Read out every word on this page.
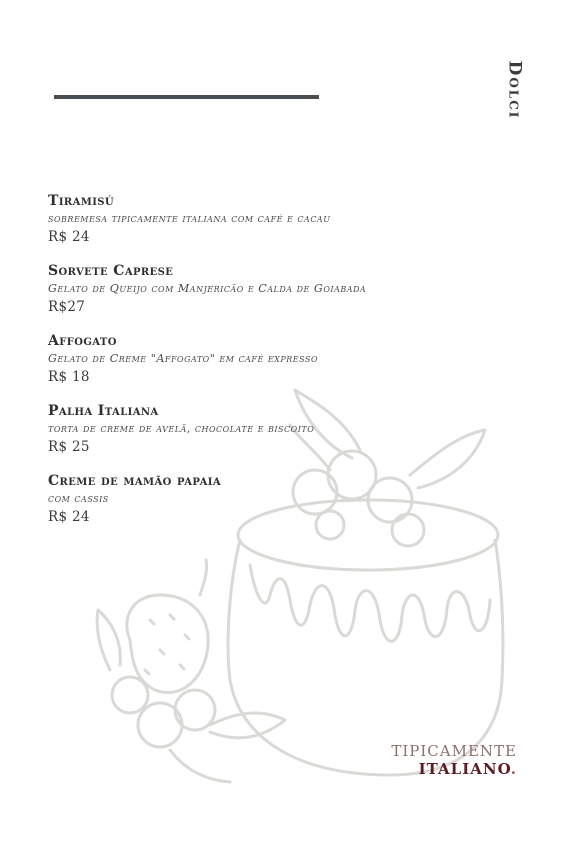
Dolci
Tiramisú
sobremesa tipicamente italiana com café e cacau
R$ 24
Sorvete Caprese
Gelato de Queijo com Manjericão e Calda de Goiabada
R$27
Affogato
Gelato de Creme "Affogato" em café expresso
R$ 18
Palha Italiana
torta de creme de avelã, chocolate e biscoito
R$ 25
Creme de mamão papaia
com cassis
R$ 24
TIPICAMENTE
ITALIANO.
